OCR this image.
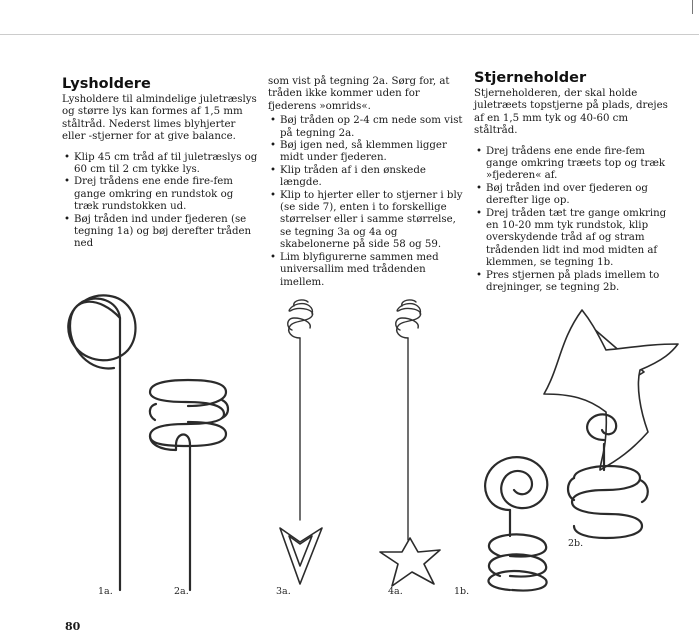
Lysholdere

Lysholdere til almindelige juletræslys og større lys kan formes af 1,5 mm ståltråd. Nederst limes blyhjerter eller -stjerner for at give balance.

• Klip 45 cm tråd af til juletræslys og 60 cm til 2 cm tykke lys.
• Drej trådens ene ende fire-fem gange omkring en rundstok og træk rundstokken ud.
• Bøj tråden ind under fjederen (se tegning 1a) og bøj derefter tråden ned

som vist på tegning 2a. Sørg for, at tråden ikke kommer uden for fjederens »omrids«.

• Bøj tråden op 2-4 cm nede som vist på tegning 2a.
• Bøj igen ned, så klemmen ligger midt under fjederen.
• Klip tråden af i den ønskede længde.
• Klip to hjerter eller to stjerner i bly (se side 7), enten i to forskellige størrelser eller i samme størrelse, se tegning 3a og 4a og skabelonerne på side 58 og 59.
• Lim blyfigurerne sammen med universallim med trådenden imellem.
Stjerneholder

Stjerneholderen, der skal holde juletræets topstjerne på plads, drejes af en 1,5 mm tyk og 40-60 cm ståltråd.

• Drej trådens ene ende fire-fem gange omkring træets top og træk »fjederen« af.
• Bøj tråden ind over fjederen og derefter lige op.
• Drej tråden tæt tre gange omkring en 10-20 mm tyk rundstok, klip overskydende tråd af og stram trådenden lidt ind mod midten af klemmen, se tegning 1b.
• Pres stjernen på plads imellem to drejninger, se tegning 2b.
1a.	2a.	3a.	4a.	1b.
2b.
80
